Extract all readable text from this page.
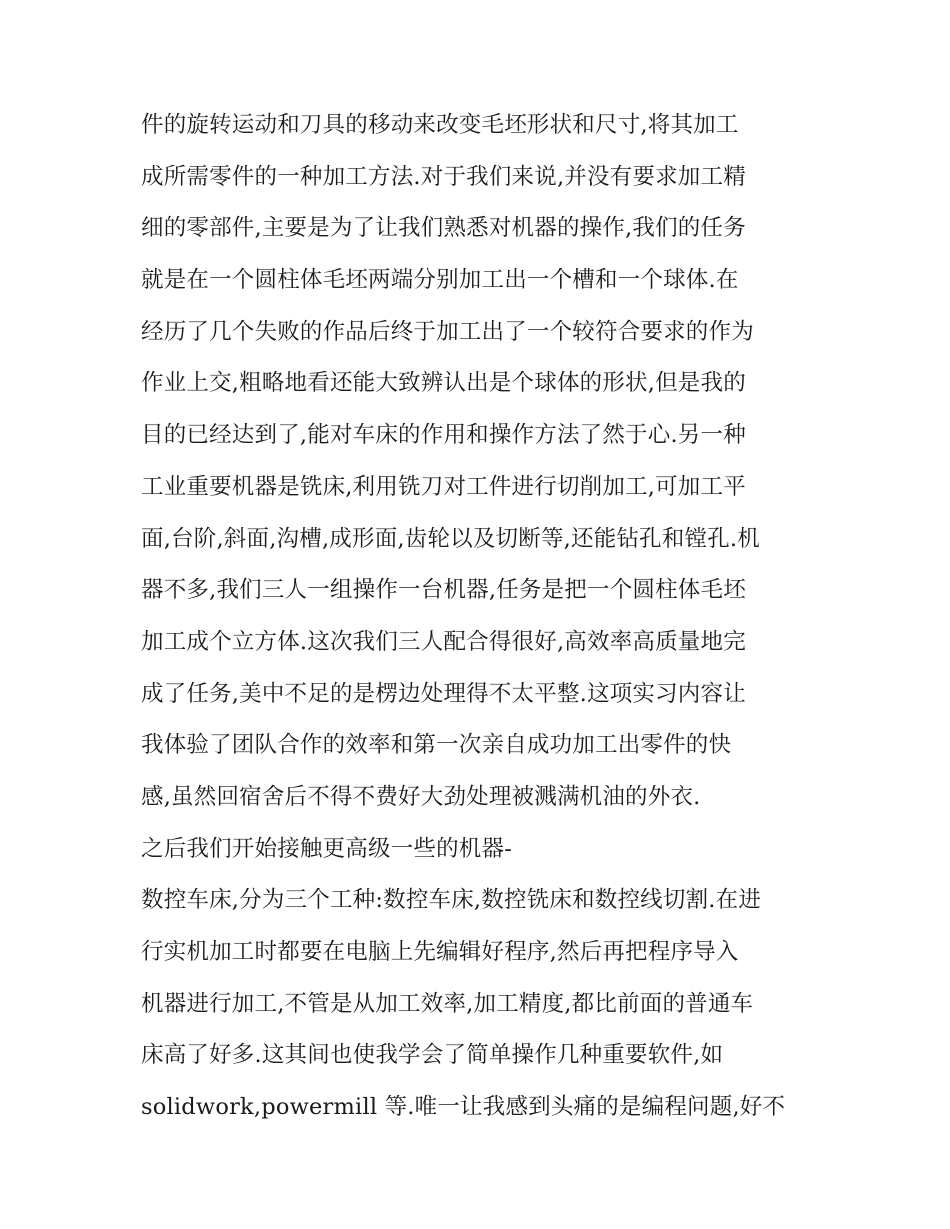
件的旋转运动和刀具的移动来改变毛坯形状和尺寸,将其加工
成所需零件的一种加工方法.对于我们来说,并没有要求加工精
细的零部件,主要是为了让我们熟悉对机器的操作,我们的任务
就是在一个圆柱体毛坯两端分别加工出一个槽和一个球体.在
经历了几个失败的作品后终于加工出了一个较符合要求的作为
作业上交,粗略地看还能大致辨认出是个球体的形状,但是我的
目的已经达到了,能对车床的作用和操作方法了然于心.另一种
工业重要机器是铣床,利用铣刀对工件进行切削加工,可加工平
面,台阶,斜面,沟槽,成形面,齿轮以及切断等,还能钻孔和镗孔.机
器不多,我们三人一组操作一台机器,任务是把一个圆柱体毛坯
加工成个立方体.这次我们三人配合得很好,高效率高质量地完
成了任务,美中不足的是楞边处理得不太平整.这项实习内容让
我体验了团队合作的效率和第一次亲自成功加工出零件的快
感,虽然回宿舍后不得不费好大劲处理被溅满机油的外衣.
之后我们开始接触更高级一些的机器-
数控车床,分为三个工种:数控车床,数控铣床和数控线切割.在进
行实机加工时都要在电脑上先编辑好程序,然后再把程序导入
机器进行加工,不管是从加工效率,加工精度,都比前面的普通车
床高了好多.这其间也使我学会了简单操作几种重要软件,如
solidwork,powermill 等.唯一让我感到头痛的是编程问题,好不
